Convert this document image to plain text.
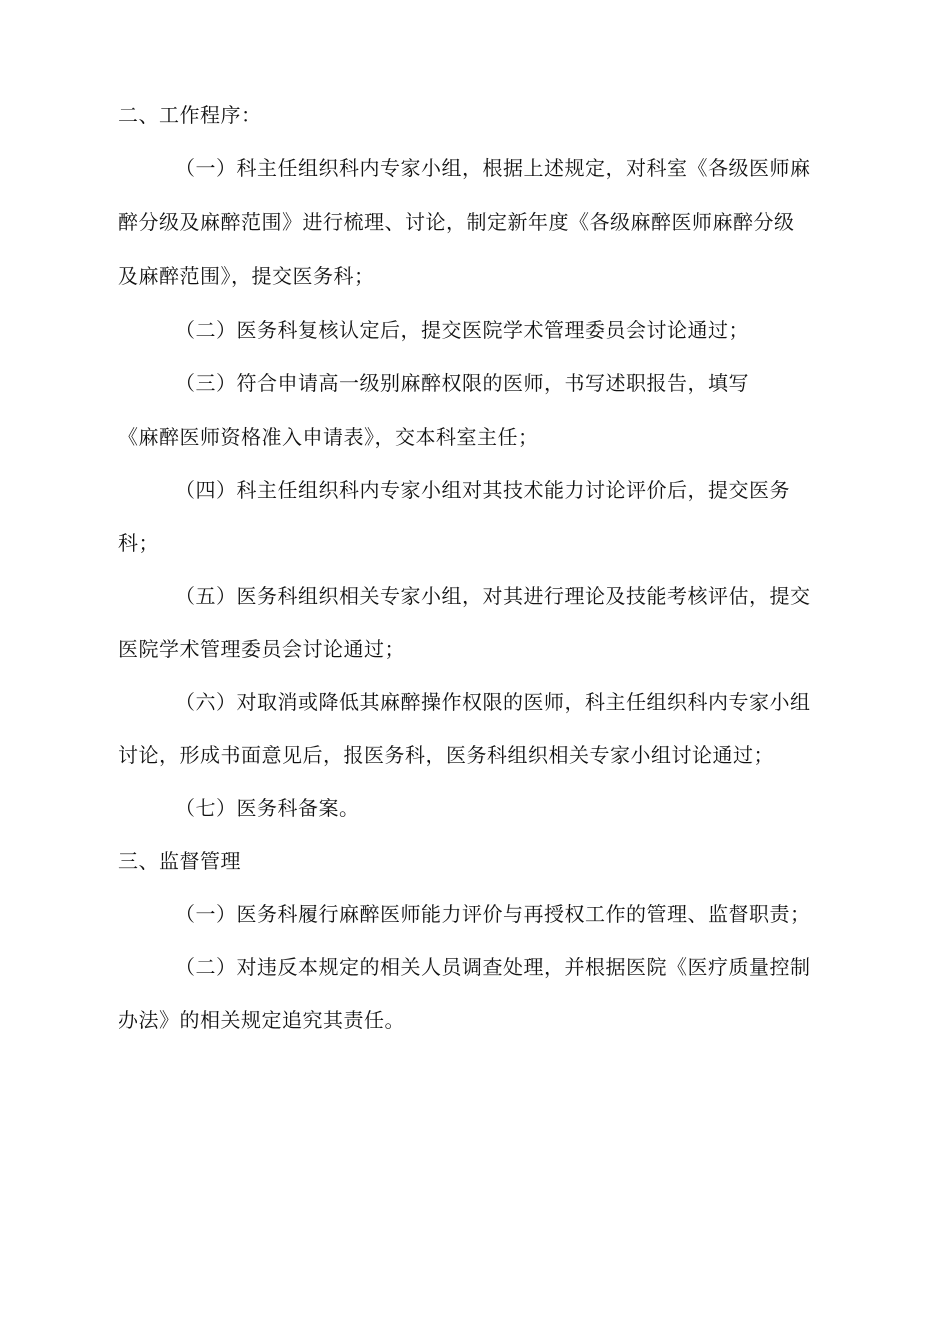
二、工作程序：
（一）科主任组织科内专家小组，根据上述规定，对科室《各级医师麻
醉分级及麻醉范围》进行梳理、讨论，制定新年度《各级麻醉医师麻醉分级
及麻醉范围》，提交医务科；
（二）医务科复核认定后，提交医院学术管理委员会讨论通过；
（三）符合申请高一级别麻醉权限的医师，书写述职报告，填写
《麻醉医师资格准入申请表》，交本科室主任；
（四）科主任组织科内专家小组对其技术能力讨论评价后，提交医务
科；
（五）医务科组织相关专家小组，对其进行理论及技能考核评估，提交
医院学术管理委员会讨论通过；
（六）对取消或降低其麻醉操作权限的医师，科主任组织科内专家小组
讨论，形成书面意见后，报医务科，医务科组织相关专家小组讨论通过；
（七）医务科备案。
三、监督管理
（一）医务科履行麻醉医师能力评价与再授权工作的管理、监督职责；
（二）对违反本规定的相关人员调查处理，并根据医院《医疗质量控制
办法》的相关规定追究其责任。
